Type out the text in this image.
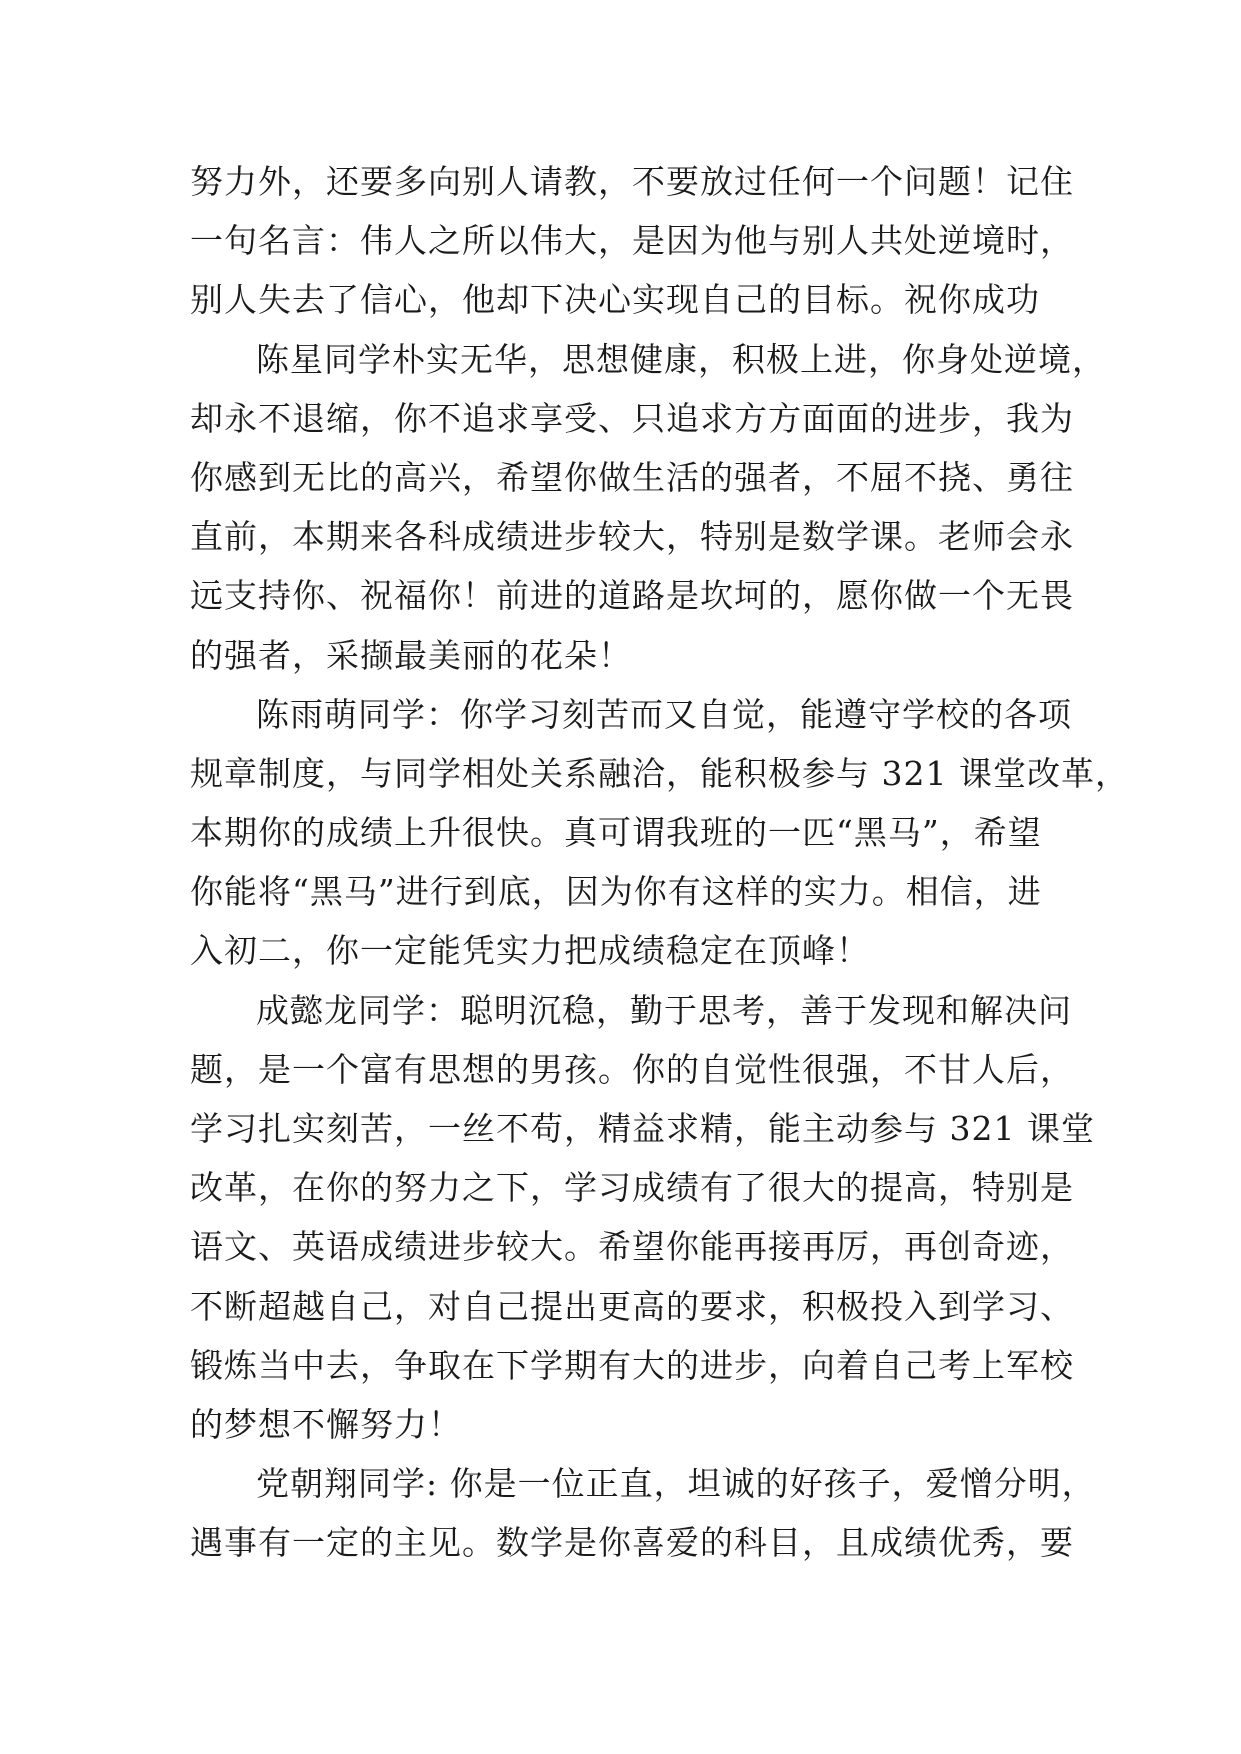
努力外，还要多向别人请教，不要放过任何一个问题！记住
一句名言：伟人之所以伟大，是因为他与别人共处逆境时，
别人失去了信心，他却下决心实现自己的目标。祝你成功
陈星同学朴实无华，思想健康，积极上进，你身处逆境，
却永不退缩，你不追求享受、只追求方方面面的进步，我为
你感到无比的高兴，希望你做生活的强者，不屈不挠、勇往
直前，本期来各科成绩进步较大，特别是数学课。老师会永
远支持你、祝福你！前进的道路是坎坷的，愿你做一个无畏
的强者，采撷最美丽的花朵！
陈雨萌同学：你学习刻苦而又自觉，能遵守学校的各项
规章制度，与同学相处关系融洽，能积极参与 321 课堂改革，
本期你的成绩上升很快。真可谓我班的一匹“黑马”，希望
你能将“黑马”进行到底，因为你有这样的实力。相信，进
入初二，你一定能凭实力把成绩稳定在顶峰！
成懿龙同学：聪明沉稳，勤于思考，善于发现和解决问
题，是一个富有思想的男孩。你的自觉性很强，不甘人后，
学习扎实刻苦，一丝不苟，精益求精，能主动参与 321 课堂
改革，在你的努力之下，学习成绩有了很大的提高，特别是
语文、英语成绩进步较大。希望你能再接再厉，再创奇迹，
不断超越自己，对自己提出更高的要求，积极投入到学习、
锻炼当中去，争取在下学期有大的进步，向着自己考上军校
的梦想不懈努力！
党朝翔同学: 你是一位正直，坦诚的好孩子，爱憎分明，
遇事有一定的主见。数学是你喜爱的科目，且成绩优秀，要
